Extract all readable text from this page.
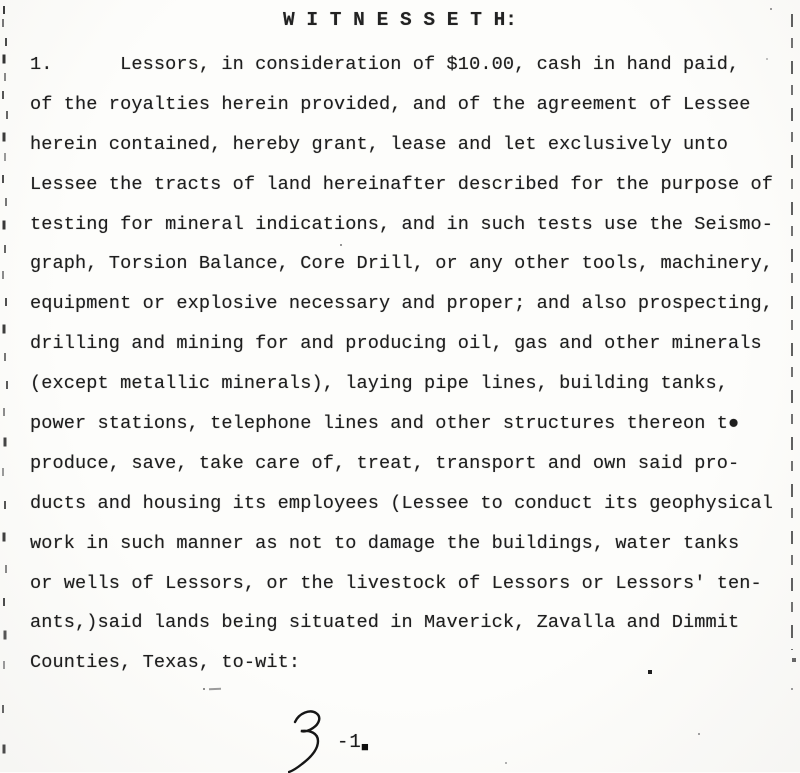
W I T N E S S E T H:
1.      Lessors, in consideration of $10.00, cash in hand paid,
of the royalties herein provided, and of the agreement of Lessee
herein contained, hereby grant, lease and let exclusively unto
Lessee the tracts of land hereinafter described for the purpose of
testing for mineral indications, and in such tests use the Seismo-
graph, Torsion Balance, Core Drill, or any other tools, machinery,
equipment or explosive necessary and proper; and also prospecting,
drilling and mining for and producing oil, gas and other minerals
(except metallic minerals), laying pipe lines, building tanks,
power stations, telephone lines and other structures thereon t●
produce, save, take care of, treat, transport and own said pro-
ducts and housing its employees (Lessee to conduct its geophysical
work in such manner as not to damage the buildings, water tanks
or wells of Lessors, or the livestock of Lessors or Lessors' ten-
ants,)said lands being situated in Maverick, Zavalla and Dimmit
Counties, Texas, to-wit:
-1 ■
